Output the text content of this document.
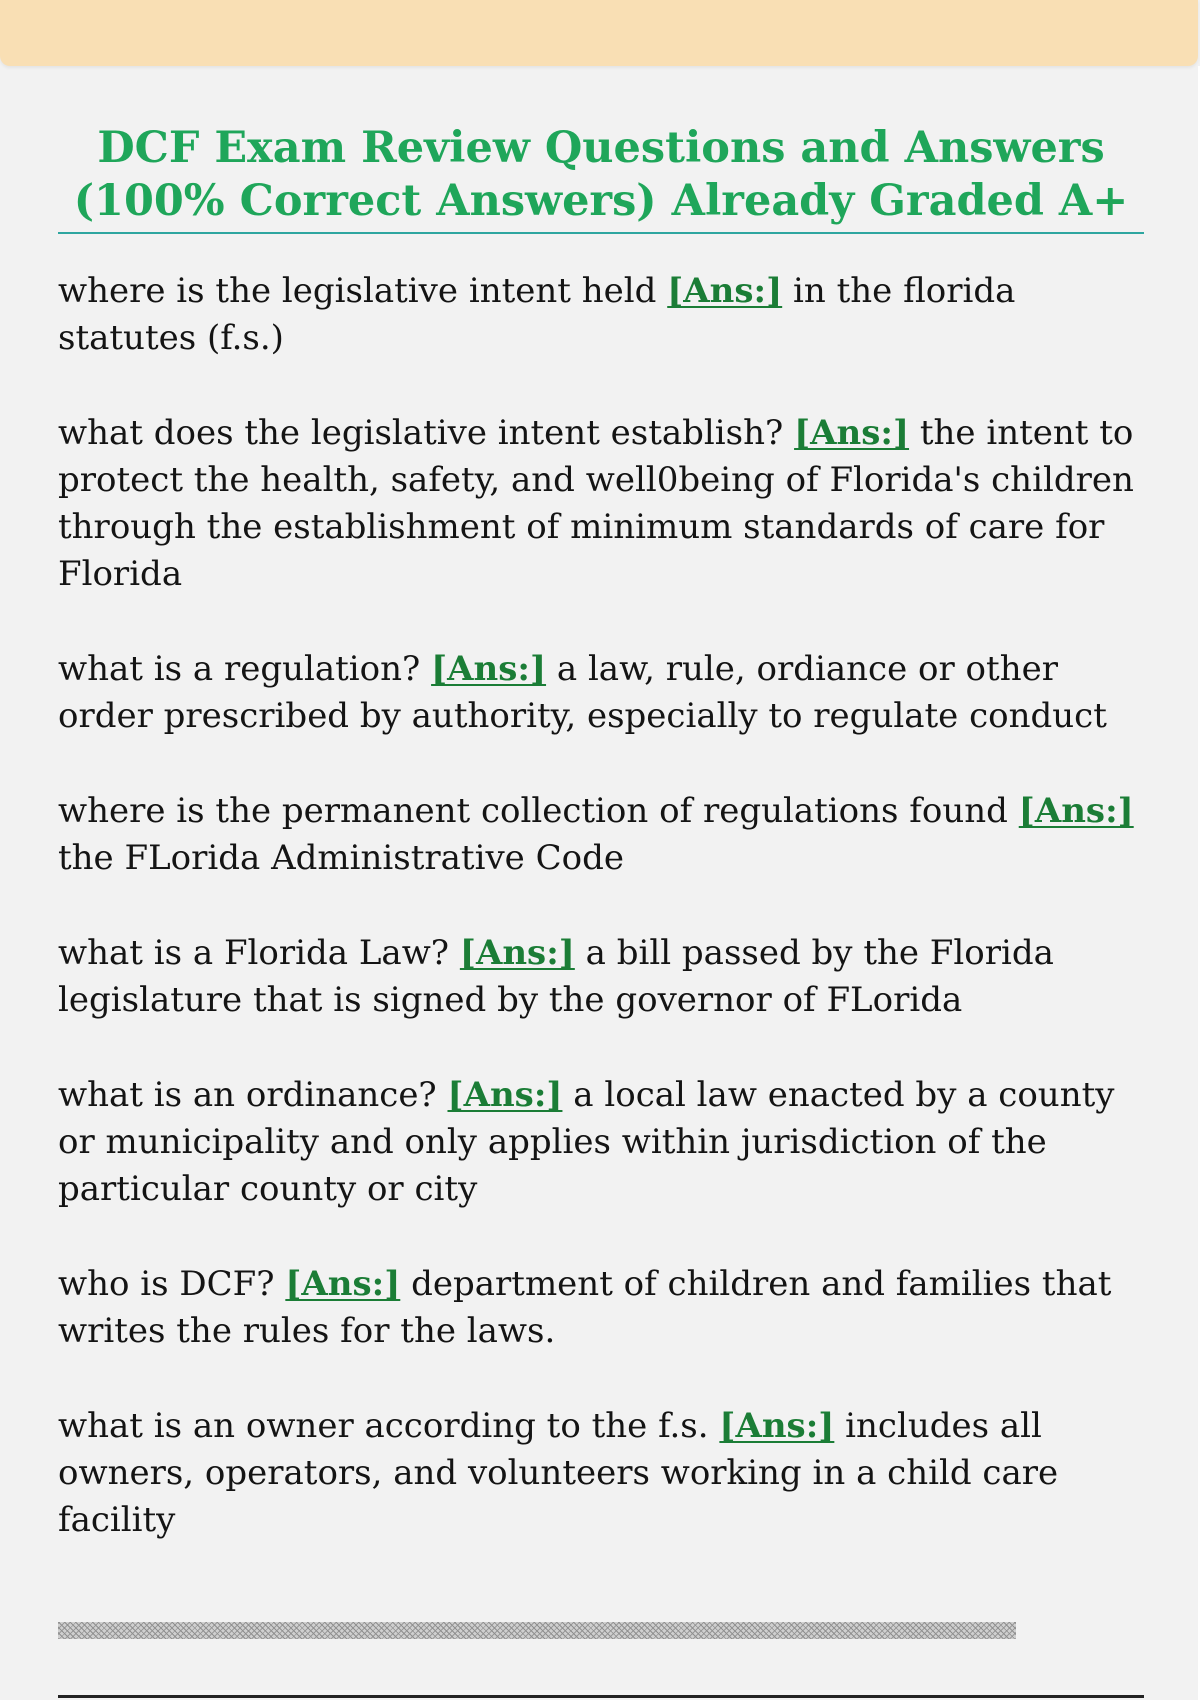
DCF Exam Review Questions and Answers
(100% Correct Answers) Already Graded A+

where is the legislative intent held [Ans:] in the florida statutes (f.s.)

what does the legislative intent establish? [Ans:] the intent to protect the health, safety, and well0being of Florida's children through the establishment of minimum standards of care for Florida

what is a regulation? [Ans:] a law, rule, ordiance or other order prescribed by authority, especially to regulate conduct

where is the permanent collection of regulations found [Ans:] the FLorida Administrative Code

what is a Florida Law? [Ans:] a bill passed by the Florida legislature that is signed by the governor of FLorida

what is an ordinance? [Ans:] a local law enacted by a county or municipality and only applies within jurisdiction of the particular county or city

who is DCF? [Ans:] department of children and families that writes the rules for the laws.

what is an owner according to the f.s. [Ans:] includes all owners, operators, and volunteers working in a child care facility
